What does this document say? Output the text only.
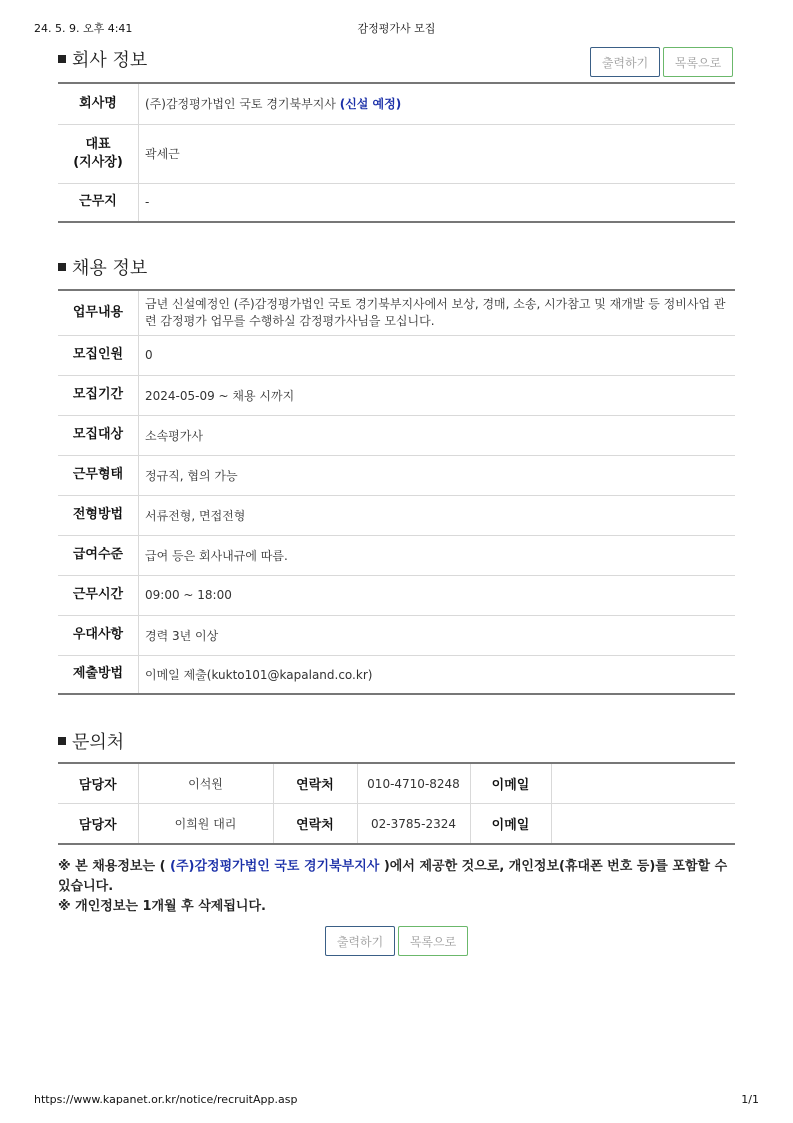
24. 5. 9. 오후 4:41	감정평가사 모집
회사 정보	출력하기	목록으로
회사명	(주)감정평가법인 국토 경기북부지사 (신설 예정)
대표
(지사장)	곽세근
근무지	-
채용 정보
업무내용	금년 신설예정인 (주)감정평가법인 국토 경기북부지사에서 보상, 경매, 소송, 시가참고 및 재개발 등 정비사업 관련 감정평가 업무를 수행하실 감정평가사님을 모십니다.
모집인원	0
모집기간	2024-05-09 ~ 채용 시까지
모집대상	소속평가사
근무형태	정규직, 협의 가능
전형방법	서류전형, 면접전형
급여수준	급여 등은 회사내규에 따름.
근무시간	09:00 ~ 18:00
우대사항	경력 3년 이상
제출방법	이메일 제출(kukto101@kapaland.co.kr)
문의처
담당자	이석원	연락처	010-4710-8248	이메일	
담당자	이희원 대리	연락처	02-3785-2324	이메일	
※ 본 채용정보는 ( (주)감정평가법인 국토 경기북부지사 )에서 제공한 것으로, 개인정보(휴대폰 번호 등)를 포함할 수 있습니다.
※ 개인정보는 1개월 후 삭제됩니다.
출력하기	목록으로
https://www.kapanet.or.kr/notice/recruitApp.asp	1/1
